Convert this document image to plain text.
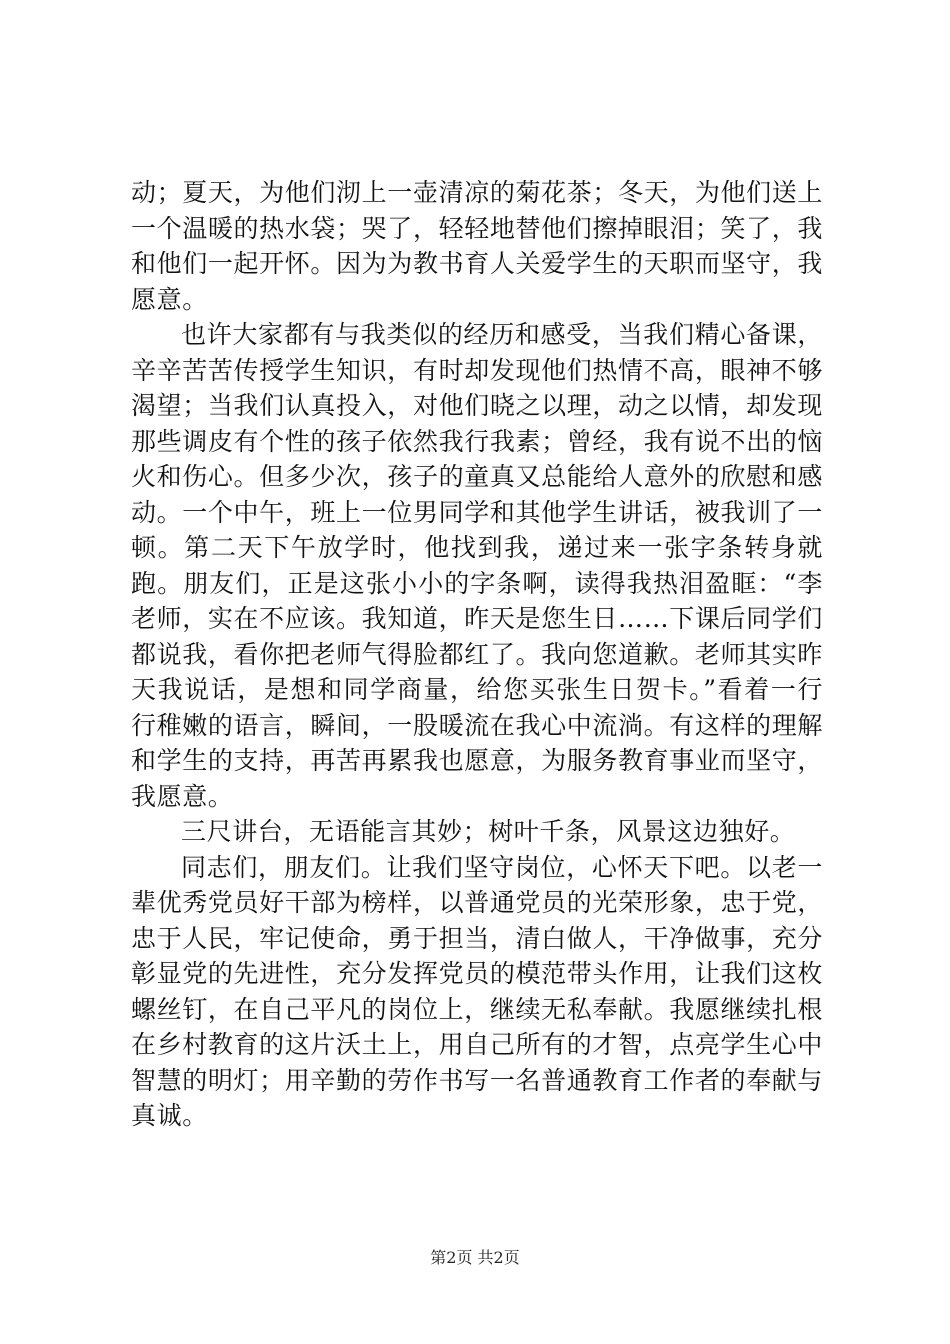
动；夏天，为他们沏上一壶清凉的菊花茶；冬天，为他们送上一个温暖的热水袋；哭了，轻轻地替他们擦掉眼泪；笑了，我和他们一起开怀。因为为教书育人关爱学生的天职而坚守，我愿意。

也许大家都有与我类似的经历和感受，当我们精心备课，辛辛苦苦传授学生知识，有时却发现他们热情不高，眼神不够渴望；当我们认真投入，对他们晓之以理，动之以情，却发现那些调皮有个性的孩子依然我行我素；曾经，我有说不出的恼火和伤心。但多少次，孩子的童真又总能给人意外的欣慰和感动。一个中午，班上一位男同学和其他学生讲话，被我训了一顿。第二天下午放学时，他找到我，递过来一张字条转身就跑。朋友们，正是这张小小的字条啊，读得我热泪盈眶：“李老师，实在不应该。我知道，昨天是您生日……下课后同学们都说我，看你把老师气得脸都红了。我向您道歉。老师其实昨天我说话，是想和同学商量，给您买张生日贺卡。”看着一行行稚嫩的语言，瞬间，一股暖流在我心中流淌。有这样的理解和学生的支持，再苦再累我也愿意，为服务教育事业而坚守，我愿意。

三尺讲台，无语能言其妙；树叶千条，风景这边独好。

同志们，朋友们。让我们坚守岗位，心怀天下吧。以老一辈优秀党员好干部为榜样，以普通党员的光荣形象，忠于党，忠于人民，牢记使命，勇于担当，清白做人，干净做事，充分彰显党的先进性，充分发挥党员的模范带头作用，让我们这枚螺丝钉，在自己平凡的岗位上，继续无私奉献。我愿继续扎根在乡村教育的这片沃土上，用自己所有的才智，点亮学生心中智慧的明灯；用辛勤的劳作书写一名普通教育工作者的奉献与真诚。

第2页 共2页
